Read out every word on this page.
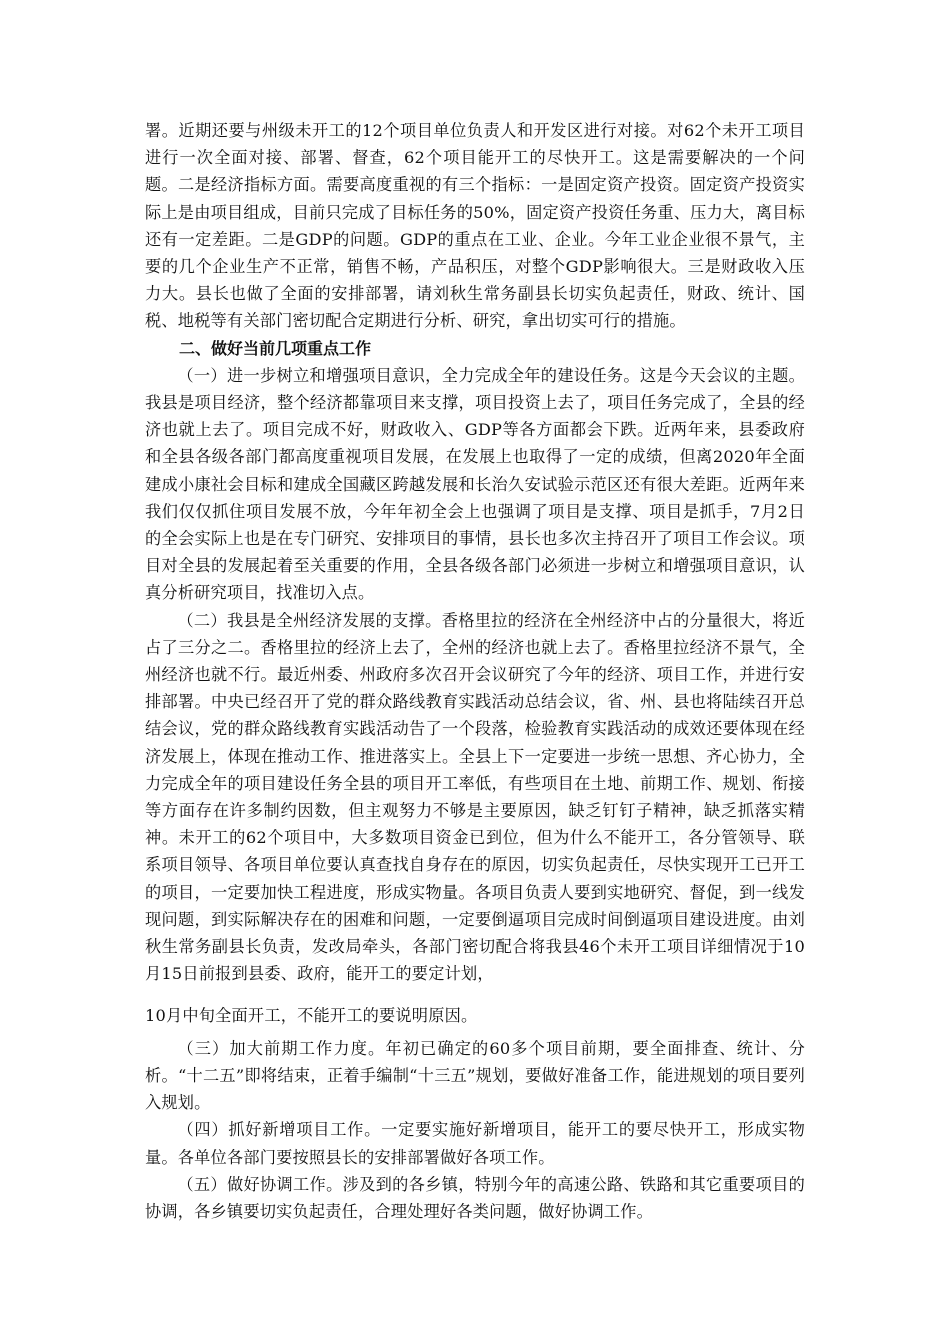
署。近期还要与州级未开工的12个项目单位负责人和开发区进行对接。对62个未开工项目进行一次全面对接、部署、督查，62个项目能开工的尽快开工。这是需要解决的一个问题。二是经济指标方面。需要高度重视的有三个指标：一是固定资产投资。固定资产投资实际上是由项目组成，目前只完成了目标任务的50%，固定资产投资任务重、压力大，离目标还有一定差距。二是GDP的问题。GDP的重点在工业、企业。今年工业企业很不景气，主要的几个企业生产不正常，销售不畅，产品积压，对整个GDP影响很大。三是财政收入压力大。县长也做了全面的安排部署，请刘秋生常务副县长切实负起责任，财政、统计、国税、地税等有关部门密切配合定期进行分析、研究，拿出切实可行的措施。

二、做好当前几项重点工作

（一）进一步树立和增强项目意识，全力完成全年的建设任务。这是今天会议的主题。我县是项目经济，整个经济都靠项目来支撑，项目投资上去了，项目任务完成了，全县的经济也就上去了。项目完成不好，财政收入、GDP等各方面都会下跌。近两年来，县委政府和全县各级各部门都高度重视项目发展，在发展上也取得了一定的成绩，但离2020年全面建成小康社会目标和建成全国藏区跨越发展和长治久安试验示范区还有很大差距。近两年来我们仅仅抓住项目发展不放，今年年初全会上也强调了项目是支撑、项目是抓手，7月2日的全会实际上也是在专门研究、安排项目的事情，县长也多次主持召开了项目工作会议。项目对全县的发展起着至关重要的作用，全县各级各部门必须进一步树立和增强项目意识，认真分析研究项目，找准切入点。

（二）我县是全州经济发展的支撑。香格里拉的经济在全州经济中占的分量很大，将近占了三分之二。香格里拉的经济上去了，全州的经济也就上去了。香格里拉经济不景气，全州经济也就不行。最近州委、州政府多次召开会议研究了今年的经济、项目工作，并进行安排部署。中央已经召开了党的群众路线教育实践活动总结会议，省、州、县也将陆续召开总结会议，党的群众路线教育实践活动告了一个段落，检验教育实践活动的成效还要体现在经济发展上，体现在推动工作、推进落实上。全县上下一定要进一步统一思想、齐心协力，全力完成全年的项目建设任务全县的项目开工率低，有些项目在土地、前期工作、规划、衔接等方面存在许多制约因数，但主观努力不够是主要原因，缺乏钉钉子精神，缺乏抓落实精神。未开工的62个项目中，大多数项目资金已到位，但为什么不能开工，各分管领导、联系项目领导、各项目单位要认真查找自身存在的原因，切实负起责任，尽快实现开工已开工的项目，一定要加快工程进度，形成实物量。各项目负责人要到实地研究、督促，到一线发现问题，到实际解决存在的困难和问题，一定要倒逼项目完成时间倒逼项目建设进度。由刘秋生常务副县长负责，发改局牵头，各部门密切配合将我县46个未开工项目详细情况于10月15日前报到县委、政府，能开工的要定计划，

10月中旬全面开工，不能开工的要说明原因。

（三）加大前期工作力度。年初已确定的60多个项目前期，要全面排查、统计、分析。“十二五”即将结束，正着手编制“十三五”规划，要做好准备工作，能进规划的项目要列入规划。

（四）抓好新增项目工作。一定要实施好新增项目，能开工的要尽快开工，形成实物量。各单位各部门要按照县长的安排部署做好各项工作。

（五）做好协调工作。涉及到的各乡镇，特别今年的高速公路、铁路和其它重要项目的协调，各乡镇要切实负起责任，合理处理好各类问题，做好协调工作。
